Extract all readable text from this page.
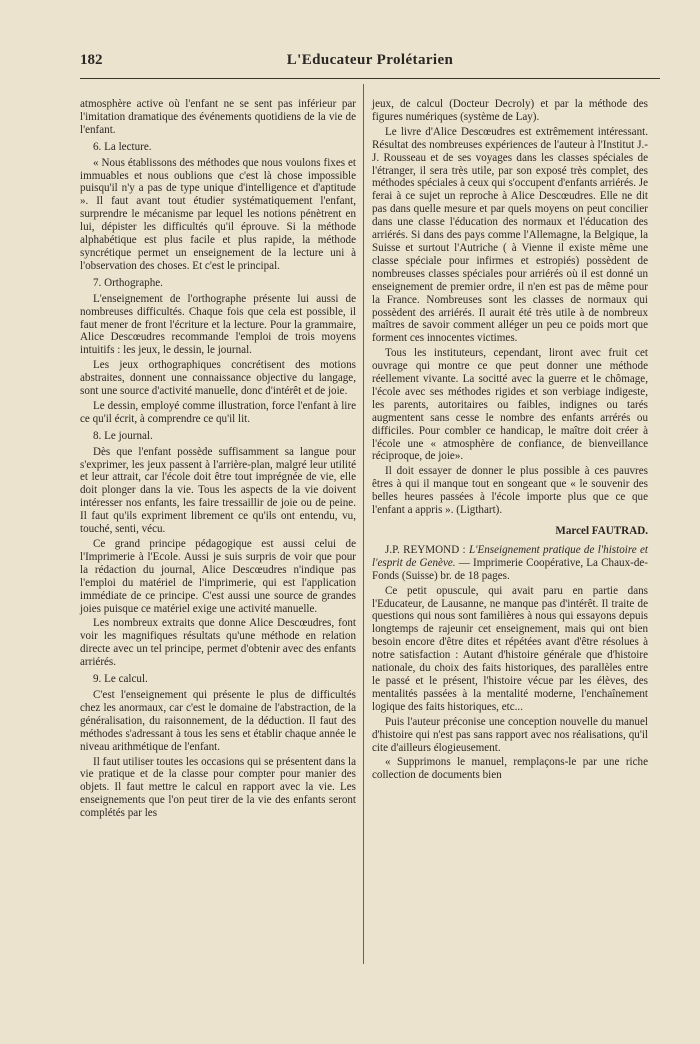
182	L'Educateur Prolétarien

atmosphère active où l'enfant ne se sent pas inférieur par l'imitation dramatique des événements quotidiens de la vie de l'enfant.

6. La lecture.

« Nous établissons des méthodes que nous voulons fixes et immuables et nous oublions que c'est là chose impossible puisqu'il n'y a pas de type unique d'intelligence et d'aptitude ». Il faut avant tout étudier systématiquement l'enfant, surprendre le mécanisme par lequel les notions pénètrent en lui, dépister les difficultés qu'il éprouve. Si la méthode alphabétique est plus facile et plus rapide, la méthode syncrétique permet un enseignement de la lecture uni à l'observation des choses. Et c'est le principal.

7. Orthographe.

L'enseignement de l'orthographe présente lui aussi de nombreuses difficultés. Chaque fois que cela est possible, il faut mener de front l'écriture et la lecture. Pour la grammaire, Alice Descœudres recommande l'emploi de trois moyens intuitifs : les jeux, le dessin, le journal.

Les jeux orthographiques concrétisent des motions abstraites, donnent une connaissance objective du langage, sont une source d'activité manuelle, donc d'intérêt et de joie.

Le dessin, employé comme illustration, force l'enfant à lire ce qu'il écrit, à comprendre ce qu'il lit.

8. Le journal.

Dès que l'enfant possède suffisamment sa langue pour s'exprimer, les jeux passent à l'arrière-plan, malgré leur utilité et leur attrait, car l'école doit être tout imprégnée de vie, elle doit plonger dans la vie. Tous les aspects de la vie doivent intéresser nos enfants, les faire tressaillir de joie ou de peine. Il faut qu'ils expriment librement ce qu'ils ont entendu, vu, touché, senti, vécu.

Ce grand principe pédagogique est aussi celui de l'Imprimerie à l'Ecole. Aussi je suis surpris de voir que pour la rédaction du journal, Alice Descœudres n'indique pas l'emploi du matériel de l'imprimerie, qui est l'application immédiate de ce principe. C'est aussi une source de grandes joies puisque ce matériel exige une activité manuelle.

Les nombreux extraits que donne Alice Descœudres, font voir les magnifiques résultats qu'une méthode en relation directe avec un tel principe, permet d'obtenir avec des enfants arriérés.

9. Le calcul.

C'est l'enseignement qui présente le plus de difficultés chez les anormaux, car c'est le domaine de l'abstraction, de la généralisation, du raisonnement, de la déduction. Il faut des méthodes s'adressant à tous les sens et établir chaque année le niveau arithmétique de l'enfant.

Il faut utiliser toutes les occasions qui se présentent dans la vie pratique et de la classe pour compter pour manier des objets. Il faut mettre le calcul en rapport avec la vie. Les enseignements que l'on peut tirer de la vie des enfants seront complétés par les

jeux, de calcul (Docteur Decroly) et par la méthode des figures numériques (système de Lay).

Le livre d'Alice Descœudres est extrêmement intéressant. Résultat des nombreuses expériences de l'auteur à l'Institut J.-J. Rousseau et de ses voyages dans les classes spéciales de l'étranger, il sera très utile, par son exposé très complet, des méthodes spéciales à ceux qui s'occupent d'enfants arriérés. Je ferai à ce sujet un reproche à Alice Descœudres. Elle ne dit pas dans quelle mesure et par quels moyens on peut concilier dans une classe l'éducation des normaux et l'éducation des arriérés. Si dans des pays comme l'Allemagne, la Belgique, la Suisse et surtout l'Autriche ( à Vienne il existe même une classe spéciale pour infirmes et estropiés) possèdent de nombreuses classes spéciales pour arriérés où il est donné un enseignement de premier ordre, il n'en est pas de même pour la France. Nombreuses sont les classes de normaux qui possèdent des arriérés. Il aurait été très utile à de nombreux maîtres de savoir comment alléger un peu ce poids mort que forment ces innocentes victimes.

Tous les instituteurs, cependant, liront avec fruit cet ouvrage qui montre ce que peut donner une méthode réellement vivante. La socitté avec la guerre et le chômage, l'école avec ses méthodes rigides et son verbiage indigeste, les parents, autoritaires ou faibles, indignes ou tarés augmentent sans cesse le nombre des enfants arrérés ou difficiles. Pour combler ce handicap, le maître doit créer à l'école une « atmosphère de confiance, de bienveillance réciproque, de joie».

Il doit essayer de donner le plus possible à ces pauvres êtres à qui il manque tout en songeant que « le souvenir des belles heures passées à l'école importe plus que ce que l'enfant a appris ». (Ligthart).

Marcel FAUTRAD.

J.P. REYMOND : L'Enseignement pratique de l'histoire et l'esprit de Genève. — Imprimerie Coopérative, La Chaux-de-Fonds (Suisse) br. de 18 pages.

Ce petit opuscule, qui avait paru en partie dans l'Educateur, de Lausanne, ne manque pas d'intérêt. Il traite de questions qui nous sont familières à nous qui essayons depuis longtemps de rajeunir cet enseignement, mais qui ont bien besoin encore d'être dites et répétées avant d'être résolues à notre satisfaction : Autant d'histoire générale que d'histoire nationale, du choix des faits historiques, des parallèles entre le passé et le présent, l'histoire vécue par les élèves, des mentalités passées à la mentalité moderne, l'enchaînement logique des faits historiques, etc...

Puis l'auteur préconise une conception nouvelle du manuel d'histoire qui n'est pas sans rapport avec nos réalisations, qu'il cite d'ailleurs élogieusement.

« Supprimons le manuel, remplaçons-le par une riche collection de documents bien
